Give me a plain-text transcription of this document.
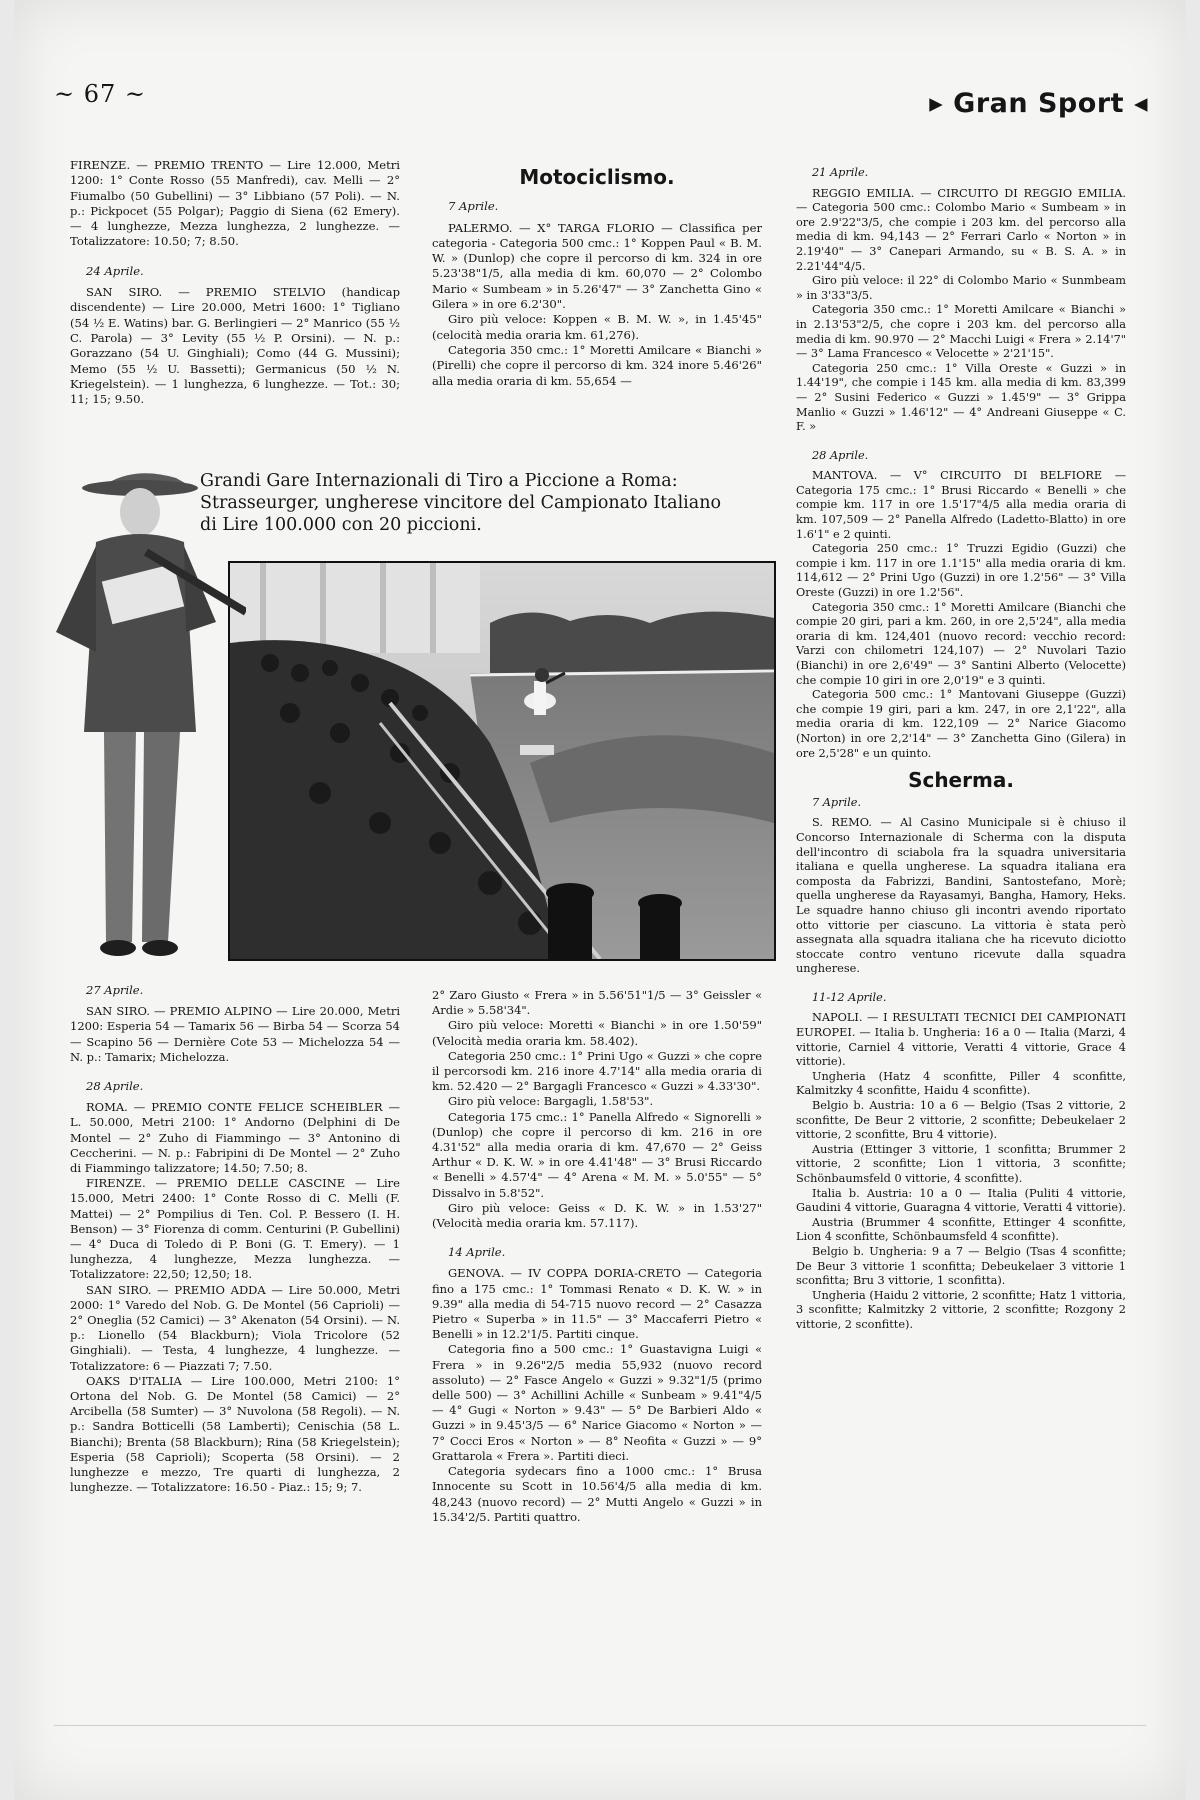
~ 67 ~	▸ Gran Sport ◂

FIRENZE. — PREMIO TRENTO — Lire 12.000, Metri 1200: 1° Conte Rosso (55 Manfredi), cav. Melli — 2° Fiumalbo (50 Gubellini) — 3° Libbiano (57 Poli). — N. p.: Pickpocet (55 Polgar); Paggio di Siena (62 Emery). — 4 lunghezze, Mezza lunghezza, 2 lunghezze. — Totalizzatore: 10.50; 7; 8.50.

24 Aprile.

SAN SIRO. — PREMIO STELVIO (handicap discendente) — Lire 20.000, Metri 1600: 1° Tigliano (54 ½ E. Watins) bar. G. Berlingieri — 2° Manrico (55 ½ C. Parola) — 3° Levity (55 ½ P. Orsini). — N. p.: Gorazzano (54 U. Ginghiali); Como (44 G. Mussini); Memo (55 ½ U. Bassetti); Germanicus (50 ½ N. Kriegelstein). — 1 lunghezza, 6 lunghezze. — Tot.: 30; 11; 15; 9.50.

Motociclismo.

7 Aprile.

PALERMO. — X° TARGA FLORIO — Classifica per categoria - Categoria 500 cmc.: 1° Koppen Paul « B. M. W. » (Dunlop) che copre il percorso di km. 324 in ore 5.23'38"1/5, alla media di km. 60,070 — 2° Colombo Mario « Sumbeam » in 5.26'47" — 3° Zanchetta Gino « Gilera » in ore 6.2'30".

Giro più veloce: Koppen « B. M. W. », in 1.45'45" (celocità media oraria km. 61,276).

Categoria 350 cmc.: 1° Moretti Amilcare « Bianchi » (Pirelli) che copre il percorso di km. 324 inore 5.46'26" alla media oraria di km. 55,654 —

21 Aprile.

REGGIO EMILIA. — CIRCUITO DI REGGIO EMILIA. — Categoria 500 cmc.: Colombo Mario « Sumbeam » in ore 2.9'22"3/5, che compie i 203 km. del percorso alla media di km. 94,143 — 2° Ferrari Carlo « Norton » in 2.19'40" — 3° Canepari Armando, su « B. S. A. » in 2.21'44"4/5.

Giro più veloce: il 22° di Colombo Mario « Sunmbeam » in 3'33"3/5.

Categoria 350 cmc.: 1° Moretti Amilcare « Bianchi » in 2.13'53"2/5, che copre i 203 km. del percorso alla media di km. 90.970 — 2° Macchi Luigi « Frera » 2.14'7" — 3° Lama Francesco « Velocette » 2'21'15".

Categoria 250 cmc.: 1° Villa Oreste « Guzzi » in 1.44'19", che compie i 145 km. alla media di km. 83,399 — 2° Susini Federico « Guzzi » 1.45'9" — 3° Grippa Manlio « Guzzi » 1.46'12" — 4° Andreani Giuseppe « C. F. »

28 Aprile.

MANTOVA. — V° CIRCUITO DI BELFIORE — Categoria 175 cmc.: 1° Brusi Riccardo « Benelli » che compie km. 117 in ore 1.5'17"4/5 alla media oraria di km. 107,509 — 2° Panella Alfredo (Ladetto-Blatto) in ore 1.6'1" e 2 quinti.

Categoria 250 cmc.: 1° Truzzi Egidio (Guzzi) che compie i km. 117 in ore 1.1'15" alla media oraria di km. 114,612 — 2° Prini Ugo (Guzzi) in ore 1.2'56" — 3° Villa Oreste (Guzzi) in ore 1.2'56".

Categoria 350 cmc.: 1° Moretti Amilcare (Bianchi che compie 20 giri, pari a km. 260, in ore 2,5'24", alla media oraria di km. 124,401 (nuovo record: vecchio record: Varzi con chilometri 124,107) — 2° Nuvolari Tazio (Bianchi) in ore 2,6'49" — 3° Santini Alberto (Velocette) che compie 10 giri in ore 2,0'19" e 3 quinti.

Categoria 500 cmc.: 1° Mantovani Giuseppe (Guzzi) che compie 19 giri, pari a km. 247, in ore 2,1'22", alla media oraria di km. 122,109 — 2° Narice Giacomo (Norton) in ore 2,2'14" — 3° Zanchetta Gino (Gilera) in ore 2,5'28" e un quinto.

Scherma.

7 Aprile.

S. REMO. — Al Casino Municipale si è chiuso il Concorso Internazionale di Scherma con la disputa dell'incontro di sciabola fra la squadra universitaria italiana e quella ungherese. La squadra italiana era composta da Fabrizzi, Bandini, Santostefano, Morè; quella ungherese da Rayasamyi, Bangha, Hamory, Heks. Le squadre hanno chiuso gli incontri avendo riportato otto vittorie per ciascuno. La vittoria è stata però assegnata alla squadra italiana che ha ricevuto diciotto stoccate contro ventuno ricevute dalla squadra ungherese.

11-12 Aprile.

NAPOLI. — I RESULTATI TECNICI DEI CAMPIONATI EUROPEI. — Italia b. Ungheria: 16 a 0 — Italia (Marzi, 4 vittorie, Carniel 4 vittorie, Veratti 4 vittorie, Grace 4 vittorie).

Ungheria (Hatz 4 sconfitte, Piller 4 sconfitte, Kalmitzky 4 sconfitte, Haidu 4 sconfitte).

Belgio b. Austria: 10 a 6 — Belgio (Tsas 2 vittorie, 2 sconfitte, De Beur 2 vittorie, 2 sconfitte; Debeukelaer 2 vittorie, 2 sconfitte, Bru 4 vittorie).

Austria (Ettinger 3 vittorie, 1 sconfitta; Brummer 2 vittorie, 2 sconfitte; Lion 1 vittoria, 3 sconfitte; Schönbaumsfeld 0 vittorie, 4 sconfitte).

Italia b. Austria: 10 a 0 — Italia (Puliti 4 vittorie, Gaudini 4 vittorie, Guaragna 4 vittorie, Veratti 4 vittorie).

Austria (Brummer 4 sconfitte, Ettinger 4 sconfitte, Lion 4 sconfitte, Schönbaumsfeld 4 sconfitte).

Belgio b. Ungheria: 9 a 7 — Belgio (Tsas 4 sconfitte; De Beur 3 vittorie 1 sconfitta; Debeukelaer 3 vittorie 1 sconfitta; Bru 3 vittorie, 1 sconfitta).

Ungheria (Haidu 2 vittorie, 2 sconfitte; Hatz 1 vittoria, 3 sconfitte; Kalmitzky 2 vittorie, 2 sconfitte; Rozgony 2 vittorie, 2 sconfitte).

Grandi Gare Internazionali di Tiro a Piccione a Roma: Strasseurger, ungherese vincitore del Campionato Italiano di Lire 100.000 con 20 piccioni.

27 Aprile.

SAN SIRO. — PREMIO ALPINO — Lire 20.000, Metri 1200: Esperia 54 — Tamarix 56 — Birba 54 — Scorza 54 — Scapino 56 — Dernière Cote 53 — Michelozza 54 — N. p.: Tamarix; Michelozza.

28 Aprile.

ROMA. — PREMIO CONTE FELICE SCHEIBLER — L. 50.000, Metri 2100: 1° Andorno (Delphini di De Montel — 2° Zuho di Fiammingo — 3° Antonino di Ceccherini. — N. p.: Fabripini di De Montel — 2° Zuho di Fiammingo talizzatore; 14.50; 7.50; 8.

FIRENZE. — PREMIO DELLE CASCINE — Lire 15.000, Metri 2400: 1° Conte Rosso di C. Melli (F. Mattei) — 2° Pompilius di Ten. Col. P. Bessero (I. H. Benson) — 3° Fiorenza di comm. Centurini (P. Gubellini) — 4° Duca di Toledo di P. Boni (G. T. Emery). — 1 lunghezza, 4 lunghezze, Mezza lunghezza. — Totalizzatore: 22,50; 12,50; 18.

SAN SIRO. — PREMIO ADDA — Lire 50.000, Metri 2000: 1° Varedo del Nob. G. De Montel (56 Caprioli) — 2° Oneglia (52 Camici) — 3° Akenaton (54 Orsini). — N. p.: Lionello (54 Blackburn); Viola Tricolore (52 Ginghiali). — Testa, 4 lunghezze, 4 lunghezze. — Totalizzatore: 6 — Piazzati 7; 7.50.

OAKS D'ITALIA — Lire 100.000, Metri 2100: 1° Ortona del Nob. G. De Montel (58 Camici) — 2° Arcibella (58 Sumter) — 3° Nuvolona (58 Regoli). — N. p.: Sandra Botticelli (58 Lamberti); Cenischia (58 L. Bianchi); Brenta (58 Blackburn); Rina (58 Kriegelstein); Esperia (58 Caprioli); Scoperta (58 Orsini). — 2 lunghezze e mezzo, Tre quarti di lunghezza, 2 lunghezze. — Totalizzatore: 16.50 - Piaz.: 15; 9; 7.

2° Zaro Giusto « Frera » in 5.56'51"1/5 — 3° Geissler « Ardie » 5.58'34".

Giro più veloce: Moretti « Bianchi » in ore 1.50'59" (Velocità media oraria km. 58.402).

Categoria 250 cmc.: 1° Prini Ugo « Guzzi » che copre il percorsodi km. 216 inore 4.7'14" alla media oraria di km. 52.420 — 2° Bargagli Francesco « Guzzi » 4.33'30".

Giro più veloce: Bargagli, 1.58'53".

Categoria 175 cmc.: 1° Panella Alfredo « Signorelli » (Dunlop) che copre il percorso di km. 216 in ore 4.31'52" alla media oraria di km. 47,670 — 2° Geiss Arthur « D. K. W. » in ore 4.41'48" — 3° Brusi Riccardo « Benelli » 4.57'4" — 4° Arena « M. M. » 5.0'55" — 5° Dissalvo in 5.8'52".

Giro più veloce: Geiss « D. K. W. » in 1.53'27" (Velocità media oraria km. 57.117).

14 Aprile.

GENOVA. — IV COPPA DORIA-CRETO — Categoria fino a 175 cmc.: 1° Tommasi Renato « D. K. W. » in 9.39" alla media di 54-715 nuovo record — 2° Casazza Pietro « Superba » in 11.5" — 3° Maccaferri Pietro « Benelli » in 12.2'1/5. Partiti cinque.

Categoria fino a 500 cmc.: 1° Guastavigna Luigi « Frera » in 9.26"2/5 media 55,932 (nuovo record assoluto) — 2° Fasce Angelo « Guzzi » 9.32"1/5 (primo delle 500) — 3° Achillini Achille « Sunbeam » 9.41"4/5 — 4° Gugi « Norton » 9.43" — 5° De Barbieri Aldo « Guzzi » in 9.45'3/5 — 6° Narice Giacomo « Norton » — 7° Cocci Eros « Norton » — 8° Neofita « Guzzi » — 9° Grattarola « Frera ». Partiti dieci.

Categoria sydecars fino a 1000 cmc.: 1° Brusa Innocente su Scott in 10.56'4/5 alla media di km. 48,243 (nuovo record) — 2° Mutti Angelo « Guzzi » in 15.34'2/5. Partiti quattro.
